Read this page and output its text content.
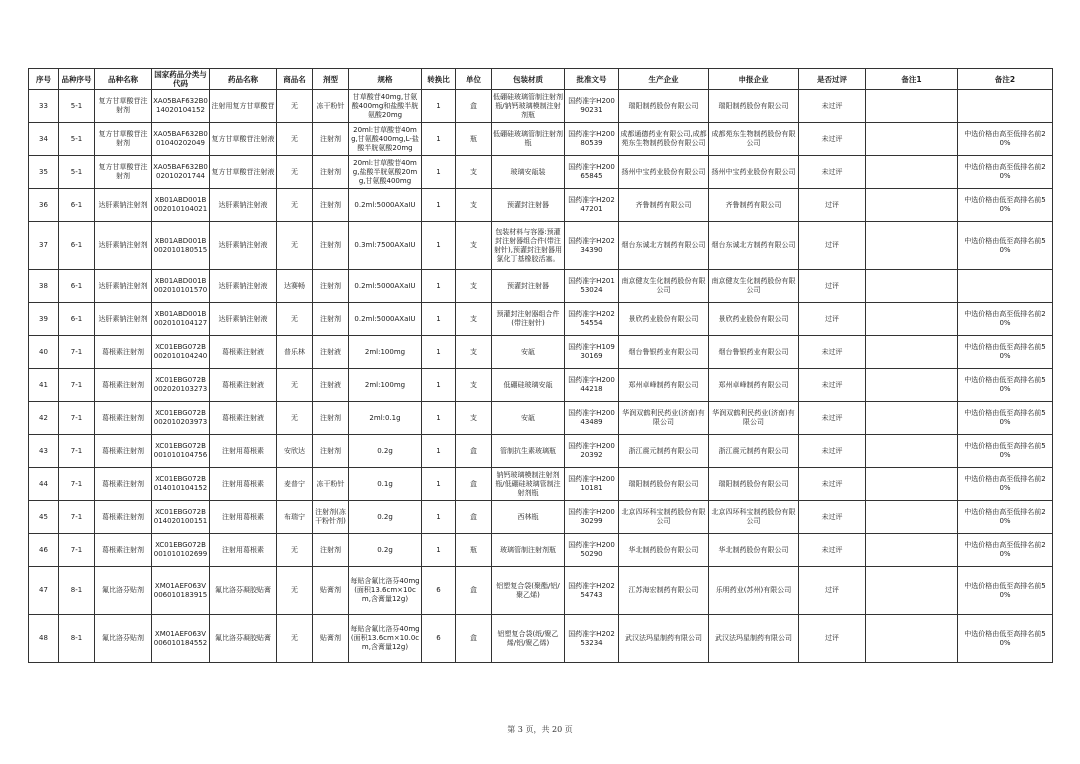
序号	品种序号	品种名称	国家药品分类与代码	药品名称	商品名	剂型	规格	转换比	单位	包装材质	批准文号	生产企业	申报企业	是否过评	备注1	备注2
33	5-1	复方甘草酸苷注射剂	XA05BAF632B014020104152	注射用复方甘草酸苷	无	冻干粉针	甘草酸苷40mg,甘氨酸400mg和盐酸半胱氨酸20mg	1	盒	低硼硅玻璃管制注射剂瓶/钠钙玻璃模制注射剂瓶	国药准字H20090231	瑞阳制药股份有限公司	瑞阳制药股份有限公司	未过评		
34	5-1	复方甘草酸苷注射剂	XA05BAF632B001040202049	复方甘草酸苷注射液	无	注射剂	20ml:甘草酸苷40mg,甘氨酸400mg,L-盐酸半胱氨酸20mg	1	瓶	低硼硅玻璃管制注射剂瓶	国药准字H20080539	成都通德药业有限公司,成都苑东生物制药股份有限公司	成都苑东生物制药股份有限公司	未过评		中选价格由高至低排名前20%
35	5-1	复方甘草酸苷注射剂	XA05BAF632B002010201744	复方甘草酸苷注射液	无	注射剂	20ml:甘草酸苷40mg,盐酸半胱氨酸20mg,甘氨酸400mg	1	支	玻璃安瓿装	国药准字H20065845	扬州中宝药业股份有限公司	扬州中宝药业股份有限公司	未过评		中选价格由高至低排名前20%
36	6-1	达肝素钠注射剂	XB01ABD001B002010104021	达肝素钠注射液	无	注射剂	0.2ml:5000AXaIU	1	支	预灌封注射器	国药准字H20247201	齐鲁制药有限公司	齐鲁制药有限公司	过评		中选价格由低至高排名前50%
37	6-1	达肝素钠注射剂	XB01ABD001B002010180515	达肝素钠注射液	无	注射剂	0.3ml:7500AXaIU	1	支	包装材料与容器:预灌封注射器组合件(带注射针),预灌封注射器用氯化丁基橡胶活塞。	国药准字H20234390	烟台东诚北方制药有限公司	烟台东诚北方制药有限公司	过评		中选价格由低至高排名前50%
38	6-1	达肝素钠注射剂	XB01ABD001B002010101570	达肝素钠注射液	达赛畅	注射剂	0.2ml:5000AXaIU	1	支	预灌封注射器	国药准字H20153024	南京健友生化制药股份有限公司	南京健友生化制药股份有限公司	过评		
39	6-1	达肝素钠注射剂	XB01ABD001B002010104127	达肝素钠注射液	无	注射剂	0.2ml:5000AXaIU	1	支	预灌封注射器组合件(带注射针)	国药准字H20254554	景欣药业股份有限公司	景欣药业股份有限公司	过评		中选价格由高至低排名前20%
40	7-1	葛根素注射剂	XC01EBG072B002010104240	葛根素注射液	普乐林	注射液	2ml:100mg	1	支	安瓿	国药准字H10930169	烟台鲁银药业有限公司	烟台鲁银药业有限公司	未过评		中选价格由低至高排名前50%
41	7-1	葛根素注射剂	XC01EBG072B002020103273	葛根素注射液	无	注射液	2ml:100mg	1	支	低硼硅玻璃安瓿	国药准字H20044218	郑州卓峰制药有限公司	郑州卓峰制药有限公司	未过评		中选价格由低至高排名前50%
42	7-1	葛根素注射剂	XC01EBG072B002010203973	葛根素注射液	无	注射剂	2ml:0.1g	1	支	安瓿	国药准字H20043489	华润双鹤利民药业(济南)有限公司	华润双鹤利民药业(济南)有限公司	未过评		中选价格由低至高排名前50%
43	7-1	葛根素注射剂	XC01EBG072B001010104756	注射用葛根素	安欣达	注射剂	0.2g	1	盒	管制抗生素玻璃瓶	国药准字H20020392	浙江震元制药有限公司	浙江震元制药有限公司	未过评		中选价格由低至高排名前50%
44	7-1	葛根素注射剂	XC01EBG072B014010104152	注射用葛根素	麦普宁	冻干粉针	0.1g	1	盒	钠钙玻璃模制注射剂瓶/低硼硅玻璃管制注射剂瓶	国药准字H20010181	瑞阳制药股份有限公司	瑞阳制药股份有限公司	未过评		中选价格由高至低排名前20%
45	7-1	葛根素注射剂	XC01EBG072B014020100151	注射用葛根素	布瑞宁	注射剂(冻干粉针剂)	0.2g	1	盒	西林瓶	国药准字H20030299	北京四环科宝制药股份有限公司	北京四环科宝制药股份有限公司	未过评		中选价格由高至低排名前20%
46	7-1	葛根素注射剂	XC01EBG072B001010102699	注射用葛根素	无	注射剂	0.2g	1	瓶	玻璃管制注射剂瓶	国药准字H20050290	华北制药股份有限公司	华北制药股份有限公司	未过评		中选价格由高至低排名前20%
47	8-1	氟比洛芬贴剂	XM01AEF063V006010183915	氟比洛芬凝胶贴膏	无	贴膏剂	每贴含氟比洛芬40mg(面积13.6cm×10cm,含膏量12g)	6	盒	铝塑复合袋(聚酯/铝/聚乙烯)	国药准字H20254743	江苏海宏制药有限公司	乐明药业(苏州)有限公司	过评		中选价格由低至高排名前50%
48	8-1	氟比洛芬贴剂	XM01AEF063V006010184552	氟比洛芬凝胶贴膏	无	贴膏剂	每贴含氟比洛芬40mg(面积13.6cm×10.0cm,含膏量12g)	6	盒	铝塑复合袋(纸/聚乙烯/铝/聚乙烯)	国药准字H20253234	武汉法玛星制药有限公司	武汉法玛星制药有限公司	过评		中选价格由低至高排名前50%
第 3 页，共 20 页
